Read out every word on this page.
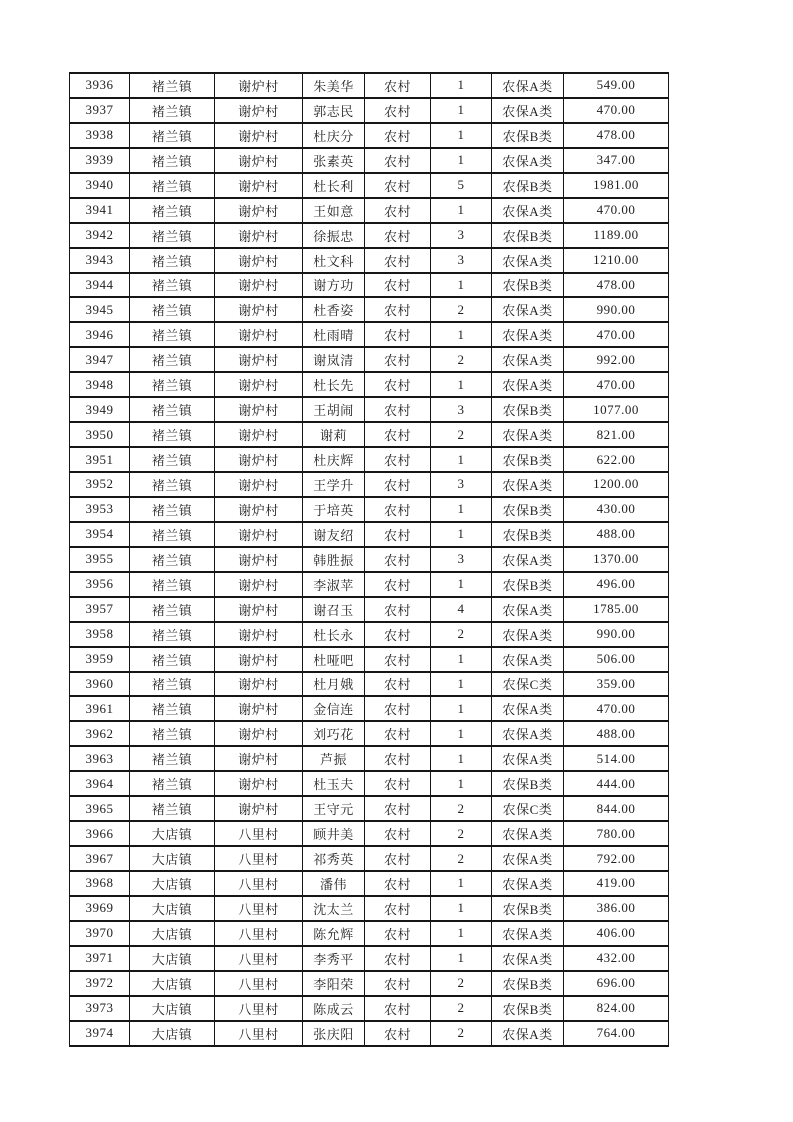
3936	褚兰镇	谢炉村	朱美华	农村	1	农保A类	549.00
3937	褚兰镇	谢炉村	郭志民	农村	1	农保A类	470.00
3938	褚兰镇	谢炉村	杜庆分	农村	1	农保B类	478.00
3939	褚兰镇	谢炉村	张素英	农村	1	农保A类	347.00
3940	褚兰镇	谢炉村	杜长利	农村	5	农保B类	1981.00
3941	褚兰镇	谢炉村	王如意	农村	1	农保A类	470.00
3942	褚兰镇	谢炉村	徐振忠	农村	3	农保B类	1189.00
3943	褚兰镇	谢炉村	杜文科	农村	3	农保A类	1210.00
3944	褚兰镇	谢炉村	谢方功	农村	1	农保B类	478.00
3945	褚兰镇	谢炉村	杜香姿	农村	2	农保A类	990.00
3946	褚兰镇	谢炉村	杜雨晴	农村	1	农保A类	470.00
3947	褚兰镇	谢炉村	谢岚清	农村	2	农保A类	992.00
3948	褚兰镇	谢炉村	杜长先	农村	1	农保A类	470.00
3949	褚兰镇	谢炉村	王胡闹	农村	3	农保B类	1077.00
3950	褚兰镇	谢炉村	谢莉	农村	2	农保A类	821.00
3951	褚兰镇	谢炉村	杜庆辉	农村	1	农保B类	622.00
3952	褚兰镇	谢炉村	王学升	农村	3	农保A类	1200.00
3953	褚兰镇	谢炉村	于培英	农村	1	农保B类	430.00
3954	褚兰镇	谢炉村	谢友绍	农村	1	农保B类	488.00
3955	褚兰镇	谢炉村	韩胜振	农村	3	农保A类	1370.00
3956	褚兰镇	谢炉村	李淑苹	农村	1	农保B类	496.00
3957	褚兰镇	谢炉村	谢召玉	农村	4	农保A类	1785.00
3958	褚兰镇	谢炉村	杜长永	农村	2	农保A类	990.00
3959	褚兰镇	谢炉村	杜哑吧	农村	1	农保A类	506.00
3960	褚兰镇	谢炉村	杜月娥	农村	1	农保C类	359.00
3961	褚兰镇	谢炉村	金信连	农村	1	农保A类	470.00
3962	褚兰镇	谢炉村	刘巧花	农村	1	农保A类	488.00
3963	褚兰镇	谢炉村	芦振	农村	1	农保A类	514.00
3964	褚兰镇	谢炉村	杜玉夫	农村	1	农保B类	444.00
3965	褚兰镇	谢炉村	王守元	农村	2	农保C类	844.00
3966	大店镇	八里村	顾井美	农村	2	农保A类	780.00
3967	大店镇	八里村	祁秀英	农村	2	农保A类	792.00
3968	大店镇	八里村	潘伟	农村	1	农保A类	419.00
3969	大店镇	八里村	沈太兰	农村	1	农保B类	386.00
3970	大店镇	八里村	陈允辉	农村	1	农保A类	406.00
3971	大店镇	八里村	李秀平	农村	1	农保A类	432.00
3972	大店镇	八里村	李阳荣	农村	2	农保B类	696.00
3973	大店镇	八里村	陈成云	农村	2	农保B类	824.00
3974	大店镇	八里村	张庆阳	农村	2	农保A类	764.00
